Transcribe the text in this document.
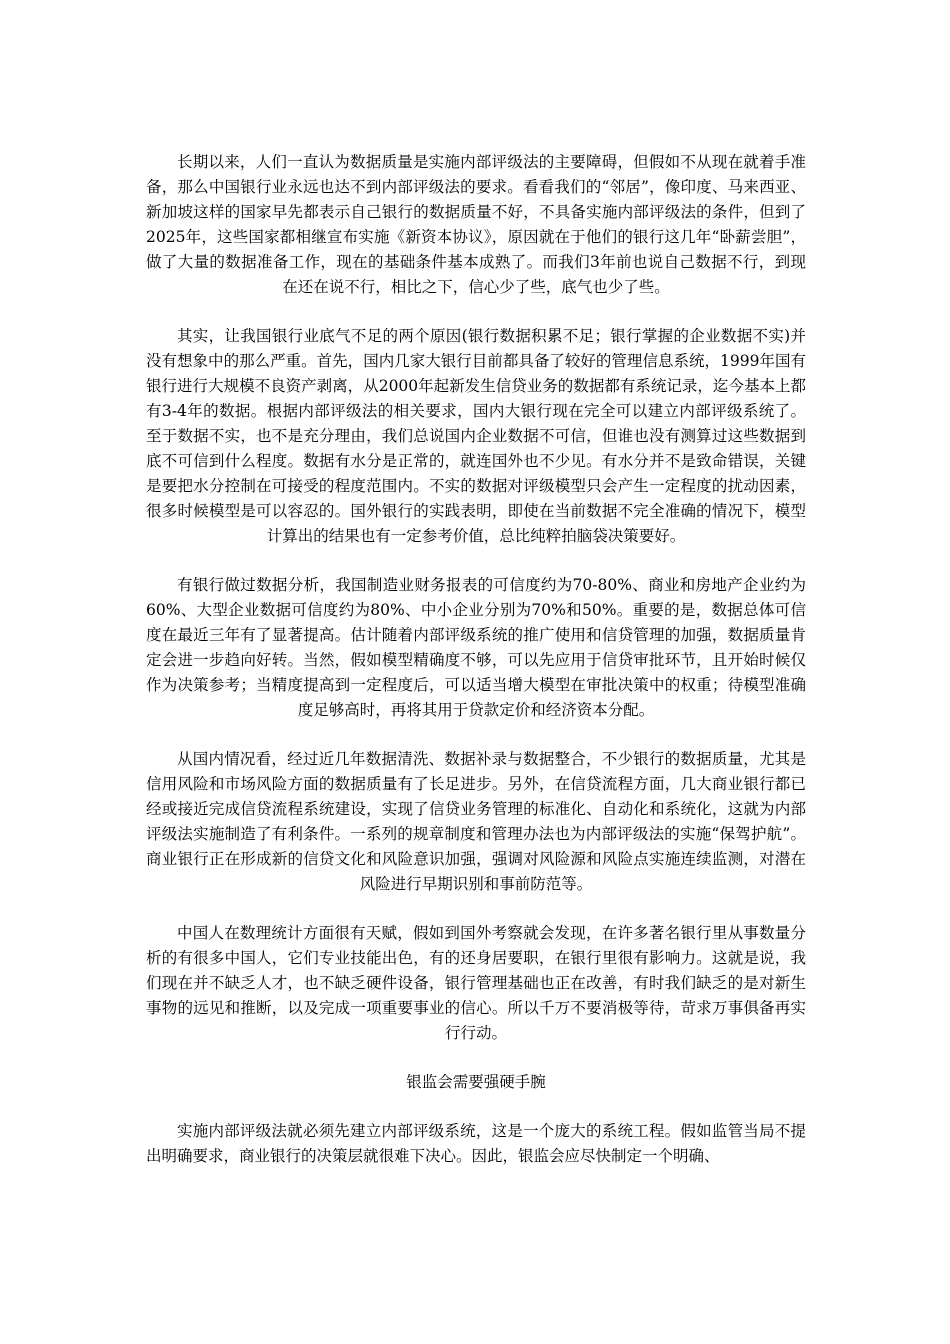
长期以来，人们一直认为数据质量是实施内部评级法的主要障碍，但假如不从现在就着手准备，那么中国银行业永远也达不到内部评级法的要求。看看我们的“邻居”，像印度、马来西亚、新加坡这样的国家早先都表示自己银行的数据质量不好，不具备实施内部评级法的条件，但到了2025年，这些国家都相继宣布实施《新资本协议》，原因就在于他们的银行这几年“卧薪尝胆”，做了大量的数据准备工作，现在的基础条件基本成熟了。而我们3年前也说自己数据不行，到现在还在说不行，相比之下，信心少了些，底气也少了些。

其实，让我国银行业底气不足的两个原因(银行数据积累不足；银行掌握的企业数据不实)并没有想象中的那么严重。首先，国内几家大银行目前都具备了较好的管理信息系统，1999年国有银行进行大规模不良资产剥离，从2000年起新发生信贷业务的数据都有系统记录，迄今基本上都有3-4年的数据。根据内部评级法的相关要求，国内大银行现在完全可以建立内部评级系统了。至于数据不实，也不是充分理由，我们总说国内企业数据不可信，但谁也没有测算过这些数据到底不可信到什么程度。数据有水分是正常的，就连国外也不少见。有水分并不是致命错误，关键是要把水分控制在可接受的程度范围内。不实的数据对评级模型只会产生一定程度的扰动因素，很多时候模型是可以容忍的。国外银行的实践表明，即使在当前数据不完全准确的情况下，模型计算出的结果也有一定参考价值，总比纯粹拍脑袋决策要好。

有银行做过数据分析，我国制造业财务报表的可信度约为70-80%、商业和房地产企业约为60%、大型企业数据可信度约为80%、中小企业分别为70%和50%。重要的是，数据总体可信度在最近三年有了显著提高。估计随着内部评级系统的推广使用和信贷管理的加强，数据质量肯定会进一步趋向好转。当然，假如模型精确度不够，可以先应用于信贷审批环节，且开始时候仅作为决策参考；当精度提高到一定程度后，可以适当增大模型在审批决策中的权重；待模型准确度足够高时，再将其用于贷款定价和经济资本分配。

从国内情况看，经过近几年数据清洗、数据补录与数据整合，不少银行的数据质量，尤其是信用风险和市场风险方面的数据质量有了长足进步。另外，在信贷流程方面，几大商业银行都已经或接近完成信贷流程系统建设，实现了信贷业务管理的标准化、自动化和系统化，这就为内部评级法实施制造了有利条件。一系列的规章制度和管理办法也为内部评级法的实施“保驾护航”。商业银行正在形成新的信贷文化和风险意识加强，强调对风险源和风险点实施连续监测，对潜在风险进行早期识别和事前防范等。

中国人在数理统计方面很有天赋，假如到国外考察就会发现，在许多著名银行里从事数量分析的有很多中国人，它们专业技能出色，有的还身居要职，在银行里很有影响力。这就是说，我们现在并不缺乏人才，也不缺乏硬件设备，银行管理基础也正在改善，有时我们缺乏的是对新生事物的远见和推断，以及完成一项重要事业的信心。所以千万不要消极等待，苛求万事俱备再实行行动。

银监会需要强硬手腕

实施内部评级法就必须先建立内部评级系统，这是一个庞大的系统工程。假如监管当局不提出明确要求，商业银行的决策层就很难下决心。因此，银监会应尽快制定一个明确、
